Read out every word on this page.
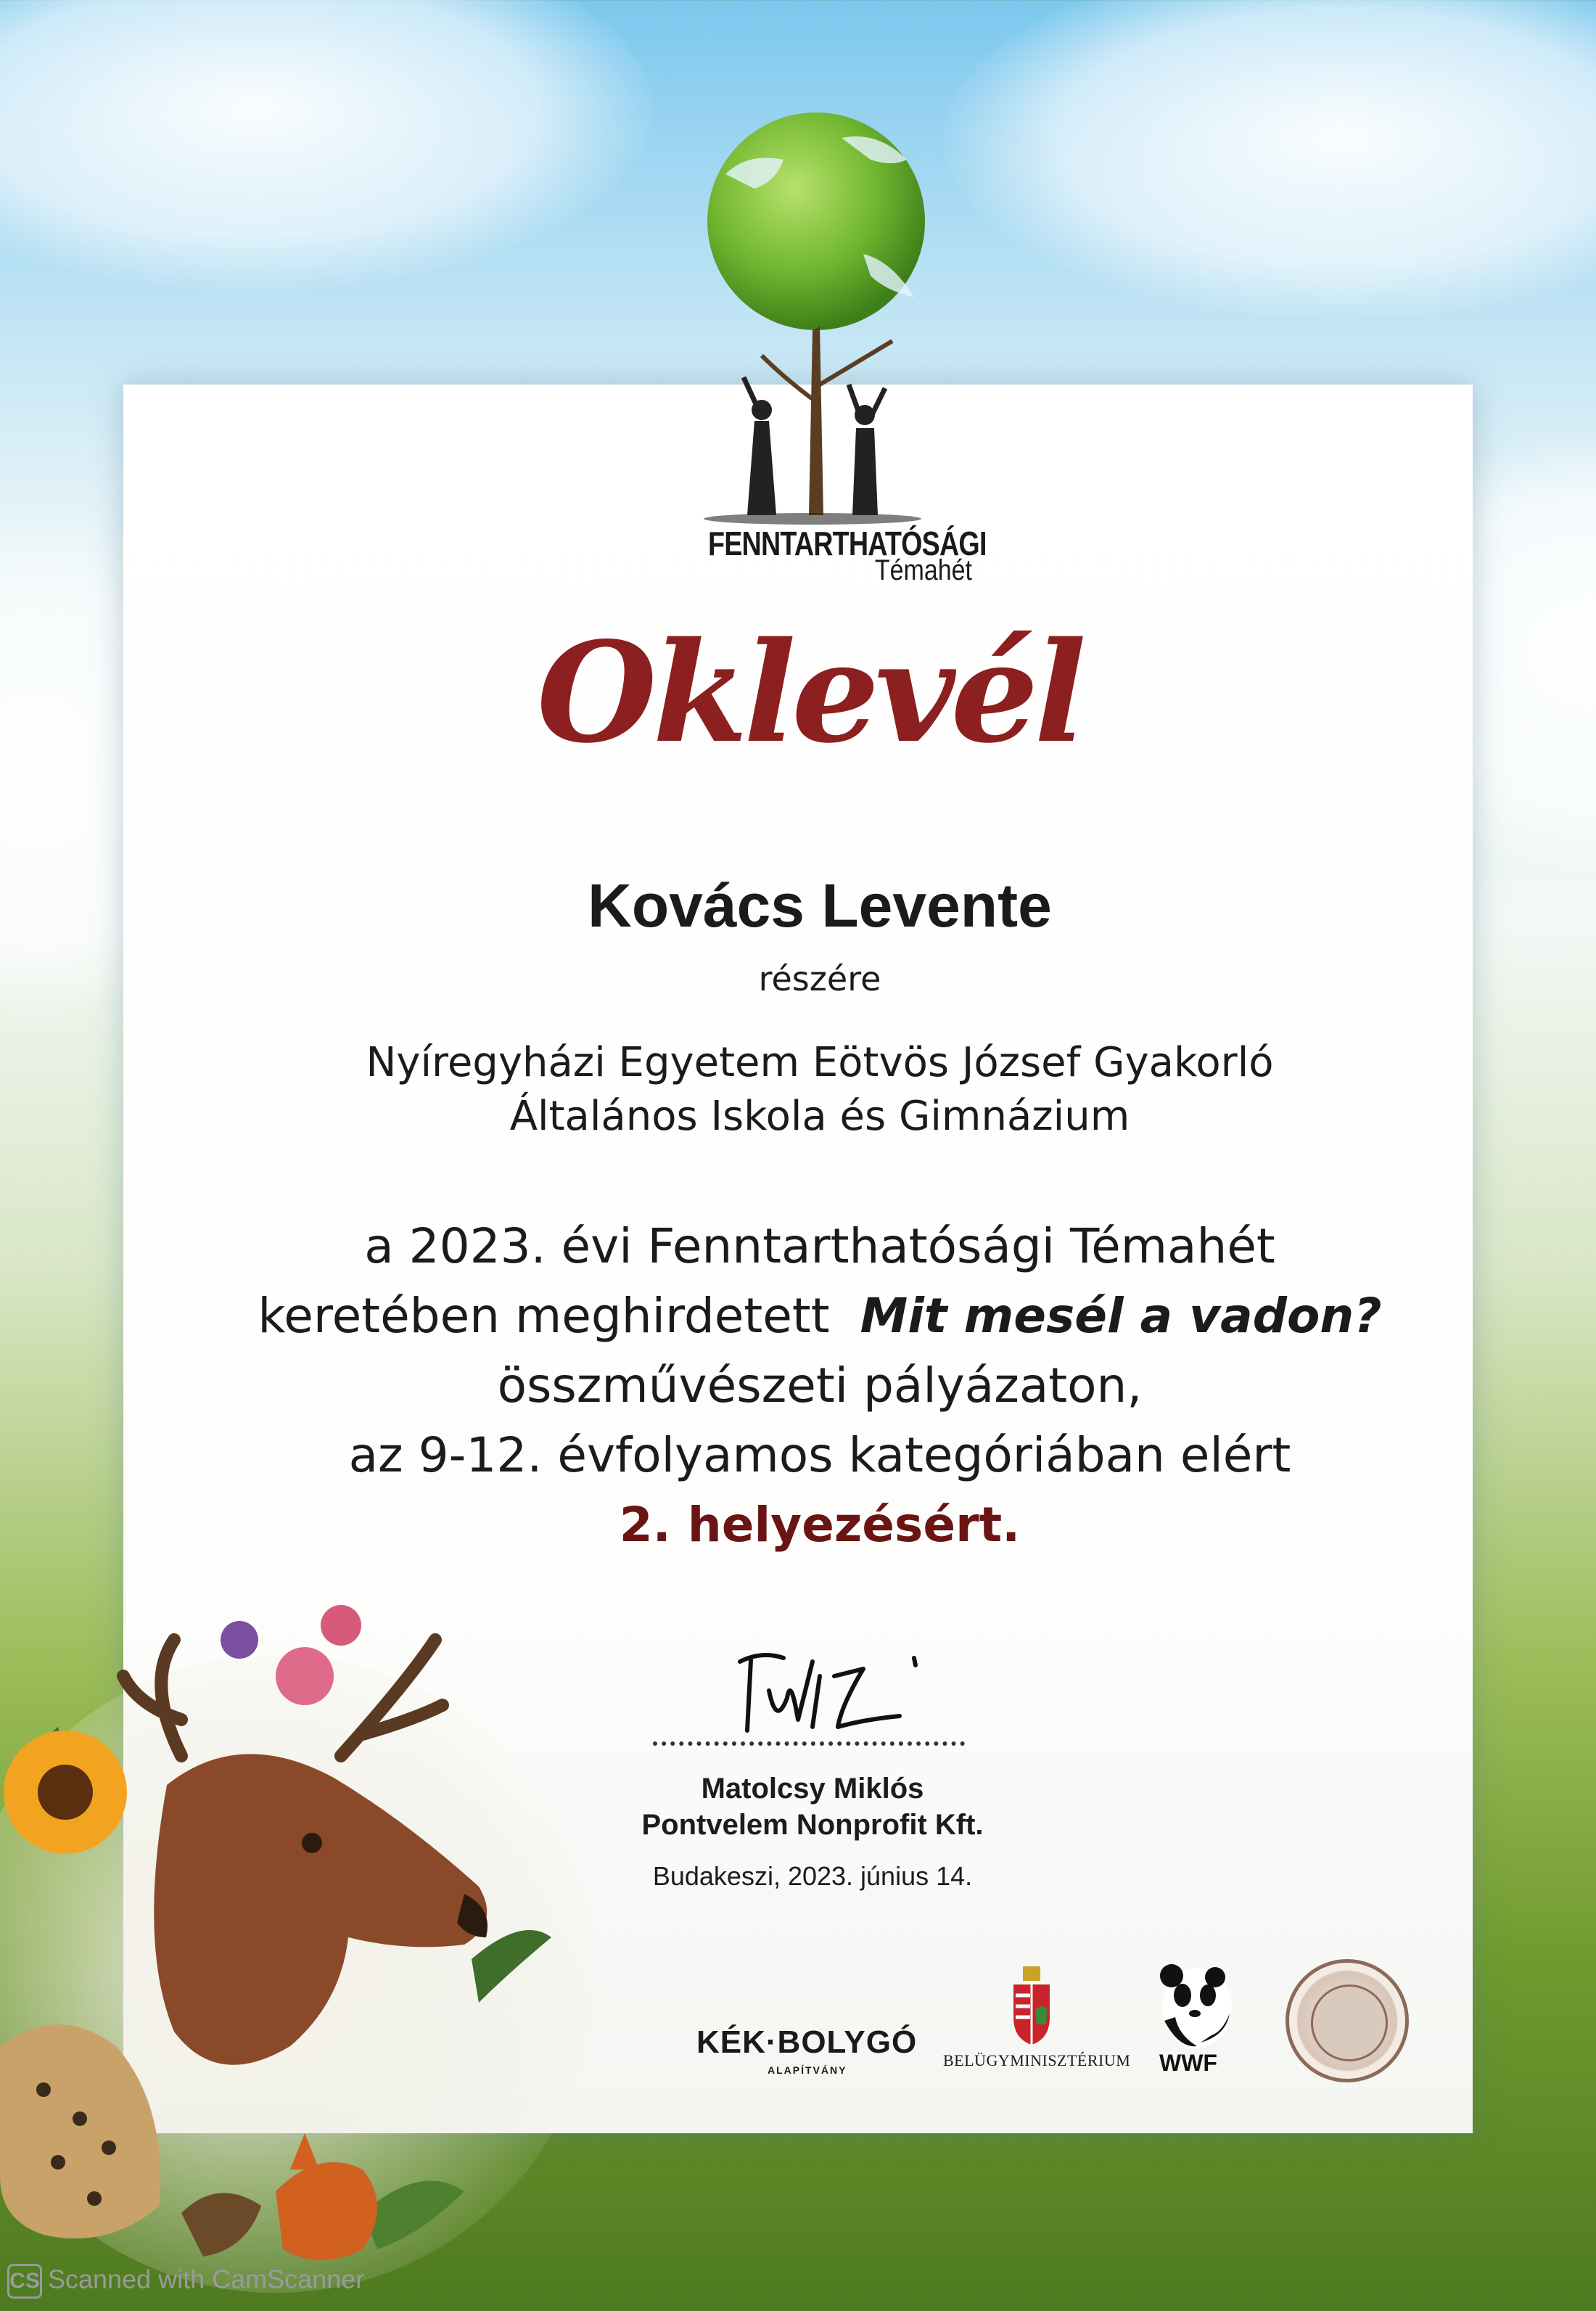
FENNTARTHATÓSÁGI
Témahét
Oklevél
Kovács Levente
részére
Nyíregyházi Egyetem Eötvös József Gyakorló
Általános Iskola és Gimnázium
a 2023. évi Fenntarthatósági Témahét
keretében meghirdetett Mit mesél a vadon?
összművészeti pályázaton,
az 9-12. évfolyamos kategóriában elért
2. helyezésért.
Matolcsy Miklós
Pontvelem Nonprofit Kft.
Budakeszi, 2023. június 14.
KÉK·BOLYGÓ
ALAPÍTVÁNY
BELÜGYMINISZTÉRIUM WWF
CS Scanned with CamScanner
